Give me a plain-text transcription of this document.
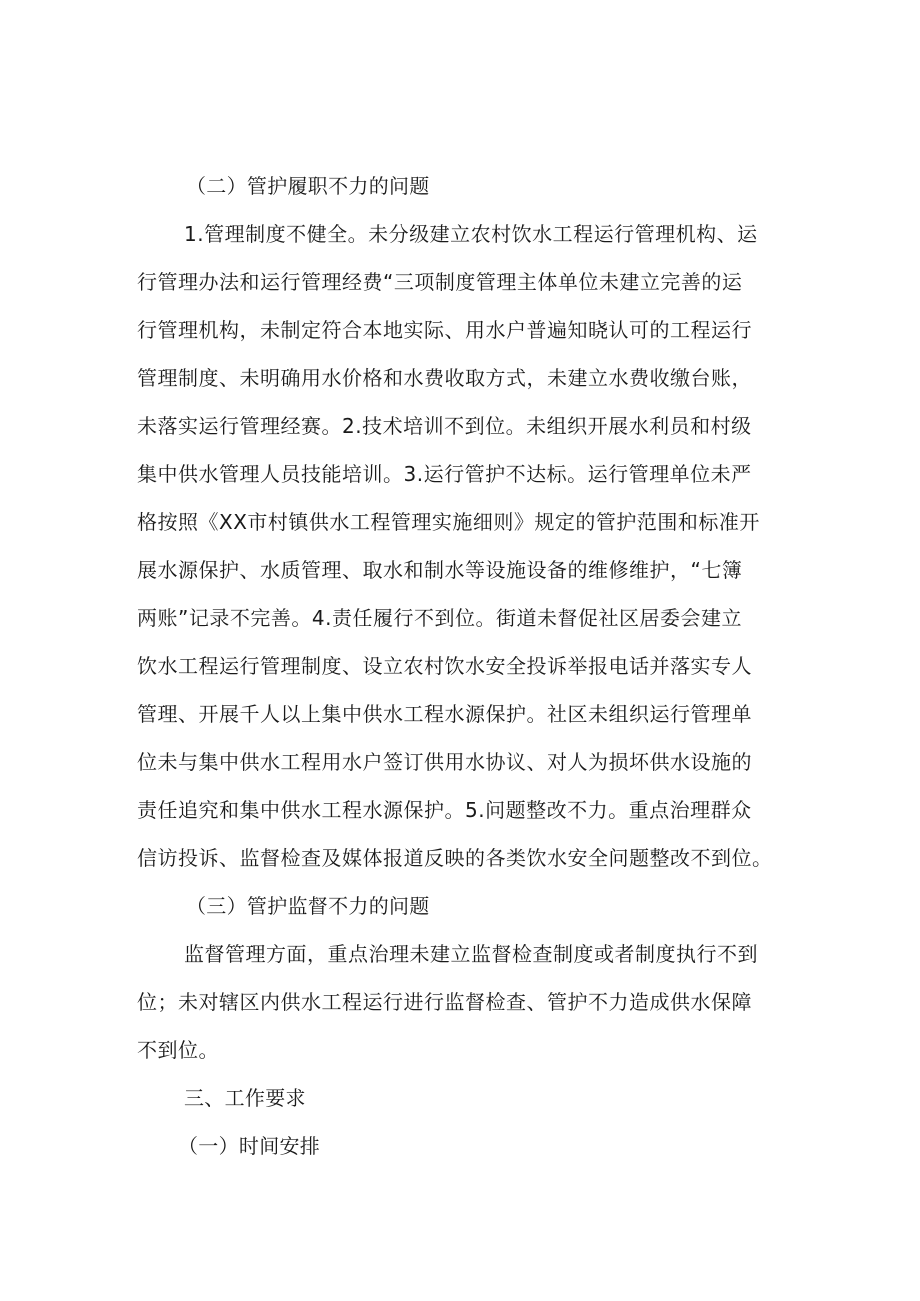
（二）管护履职不力的问题
1.管理制度不健全。未分级建立农村饮水工程运行管理机构、运
行管理办法和运行管理经费“三项制度管理主体单位未建立完善的运
行管理机构，未制定符合本地实际、用水户普遍知晓认可的工程运行
管理制度、未明确用水价格和水费收取方式，未建立水费收缴台账，
未落实运行管理经赛。2.技术培训不到位。未组织开展水利员和村级
集中供水管理人员技能培训。3.运行管护不达标。运行管理单位未严
格按照《XX市村镇供水工程管理实施细则》规定的管护范围和标准开
展水源保护、水质管理、取水和制水等设施设备的维修维护，“七簿
两账”记录不完善。4.责任履行不到位。街道未督促社区居委会建立
饮水工程运行管理制度、设立农村饮水安全投诉举报电话并落实专人
管理、开展千人以上集中供水工程水源保护。社区未组织运行管理单
位未与集中供水工程用水户签订供用水协议、对人为损坏供水设施的
责任追究和集中供水工程水源保护。5.问题整改不力。重点治理群众
信访投诉、监督检查及媒体报道反映的各类饮水安全问题整改不到位。
（三）管护监督不力的问题
监督管理方面，重点治理未建立监督检查制度或者制度执行不到
位；未对辖区内供水工程运行进行监督检查、管护不力造成供水保障
不到位。
三、工作要求
（一）时间安排
